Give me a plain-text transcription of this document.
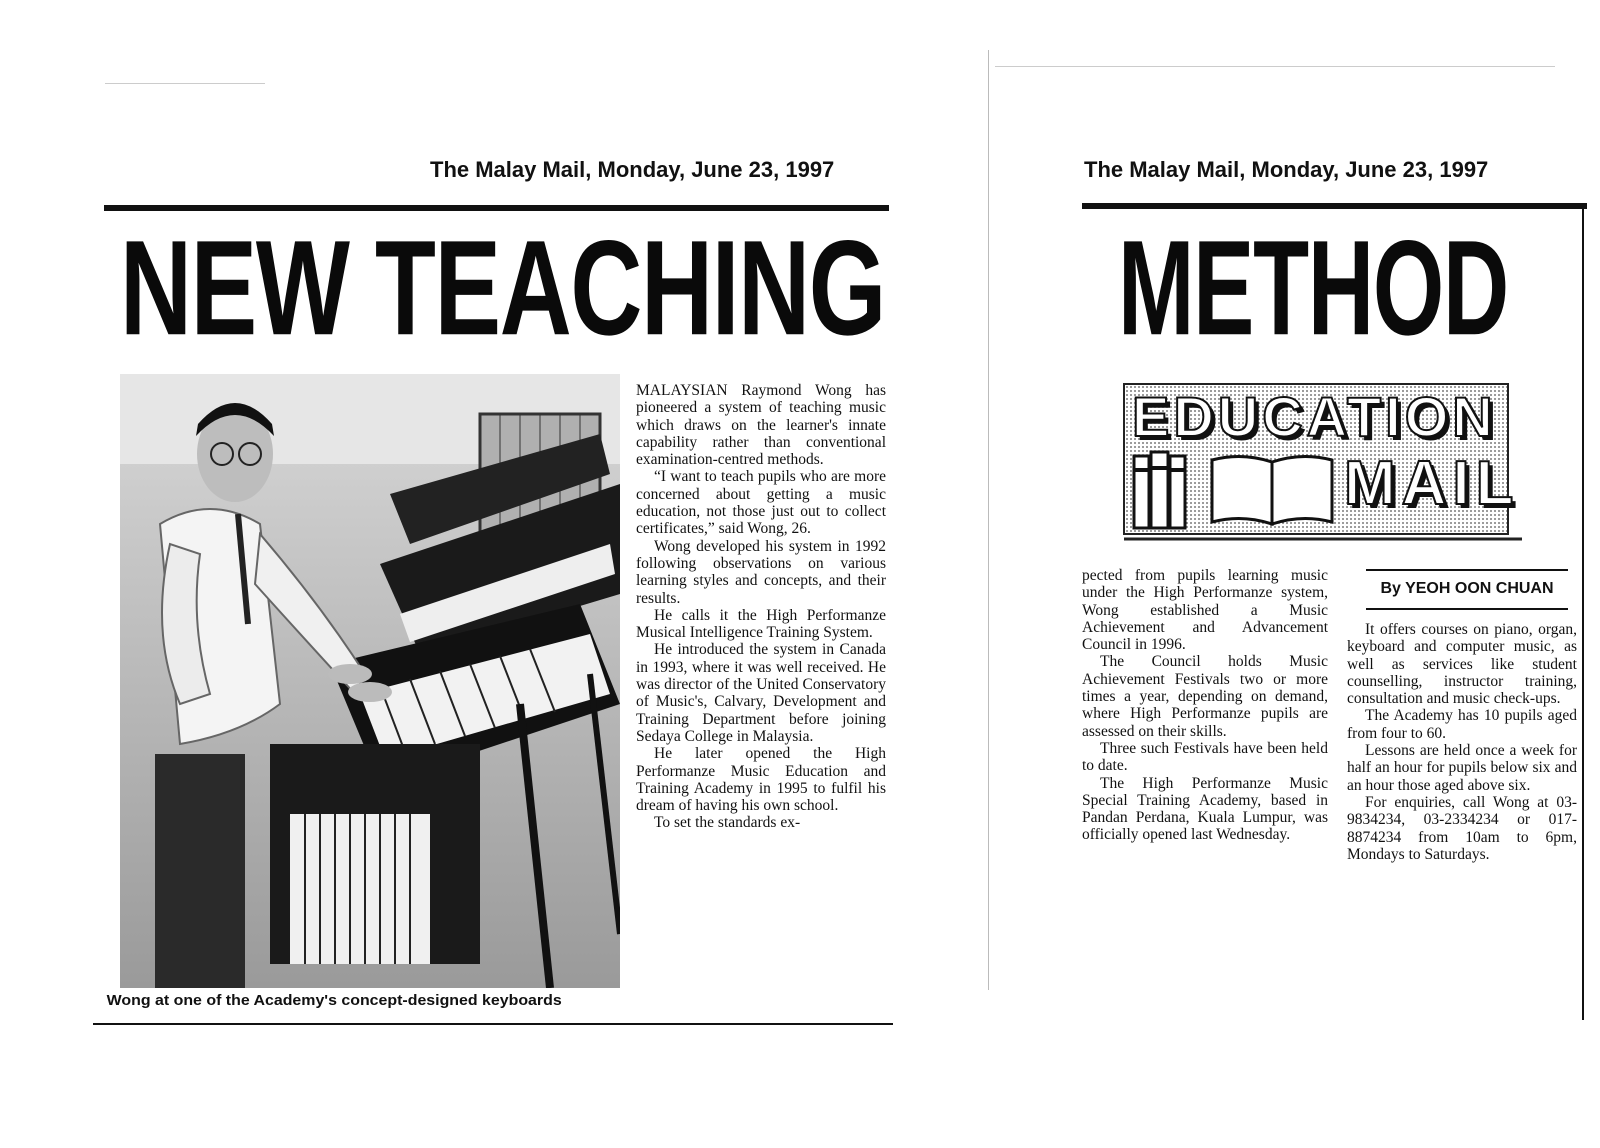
The Malay Mail, Monday, June 23, 1997
NEW TEACHING
Wong at one of the Academy's concept-designed keyboards

MALAYSIAN Raymond Wong has pioneered a system of teaching music which draws on the learner's innate capability rather than conventional examination-centred methods.

“I want to teach pupils who are more concerned about getting a music education, not those just out to collect certificates,” said Wong, 26.

Wong developed his system in 1992 following observations on various learning styles and concepts, and their results.

He calls it the High Performanze Musical Intelligence Training System.

He introduced the system in Canada in 1993, where it was well received. He was director of the United Conservatory of Music's, Calvary, Development and Training Department before joining Sedaya College in Malaysia.

He later opened the High Performanze Music Education and Training Academy in 1995 to fulfil his dream of having his own school.

To set the standards ex-

The Malay Mail, Monday, June 23, 1997
METHOD
EDUCATION
MAIL

pected from pupils learning music under the High Performanze system, Wong established a Music Achievement and Advancement Council in 1996.

The Council holds Music Achievement Festivals two or more times a year, depending on demand, where High Performanze pupils are assessed on their skills.

Three such Festivals have been held to date.

The High Performanze Music Special Training Academy, based in Pandan Perdana, Kuala Lumpur, was officially opened last Wednesday.

By YEOH OON CHUAN

It offers courses on piano, organ, keyboard and computer music, as well as services like student counselling, instructor training, consultation and music check-ups.

The Academy has 10 pupils aged from four to 60.

Lessons are held once a week for half an hour for pupils below six and an hour those aged above six.

For enquiries, call Wong at 03-9834234, 03-2334234 or 017-8874234 from 10am to 6pm, Mondays to Saturdays.
